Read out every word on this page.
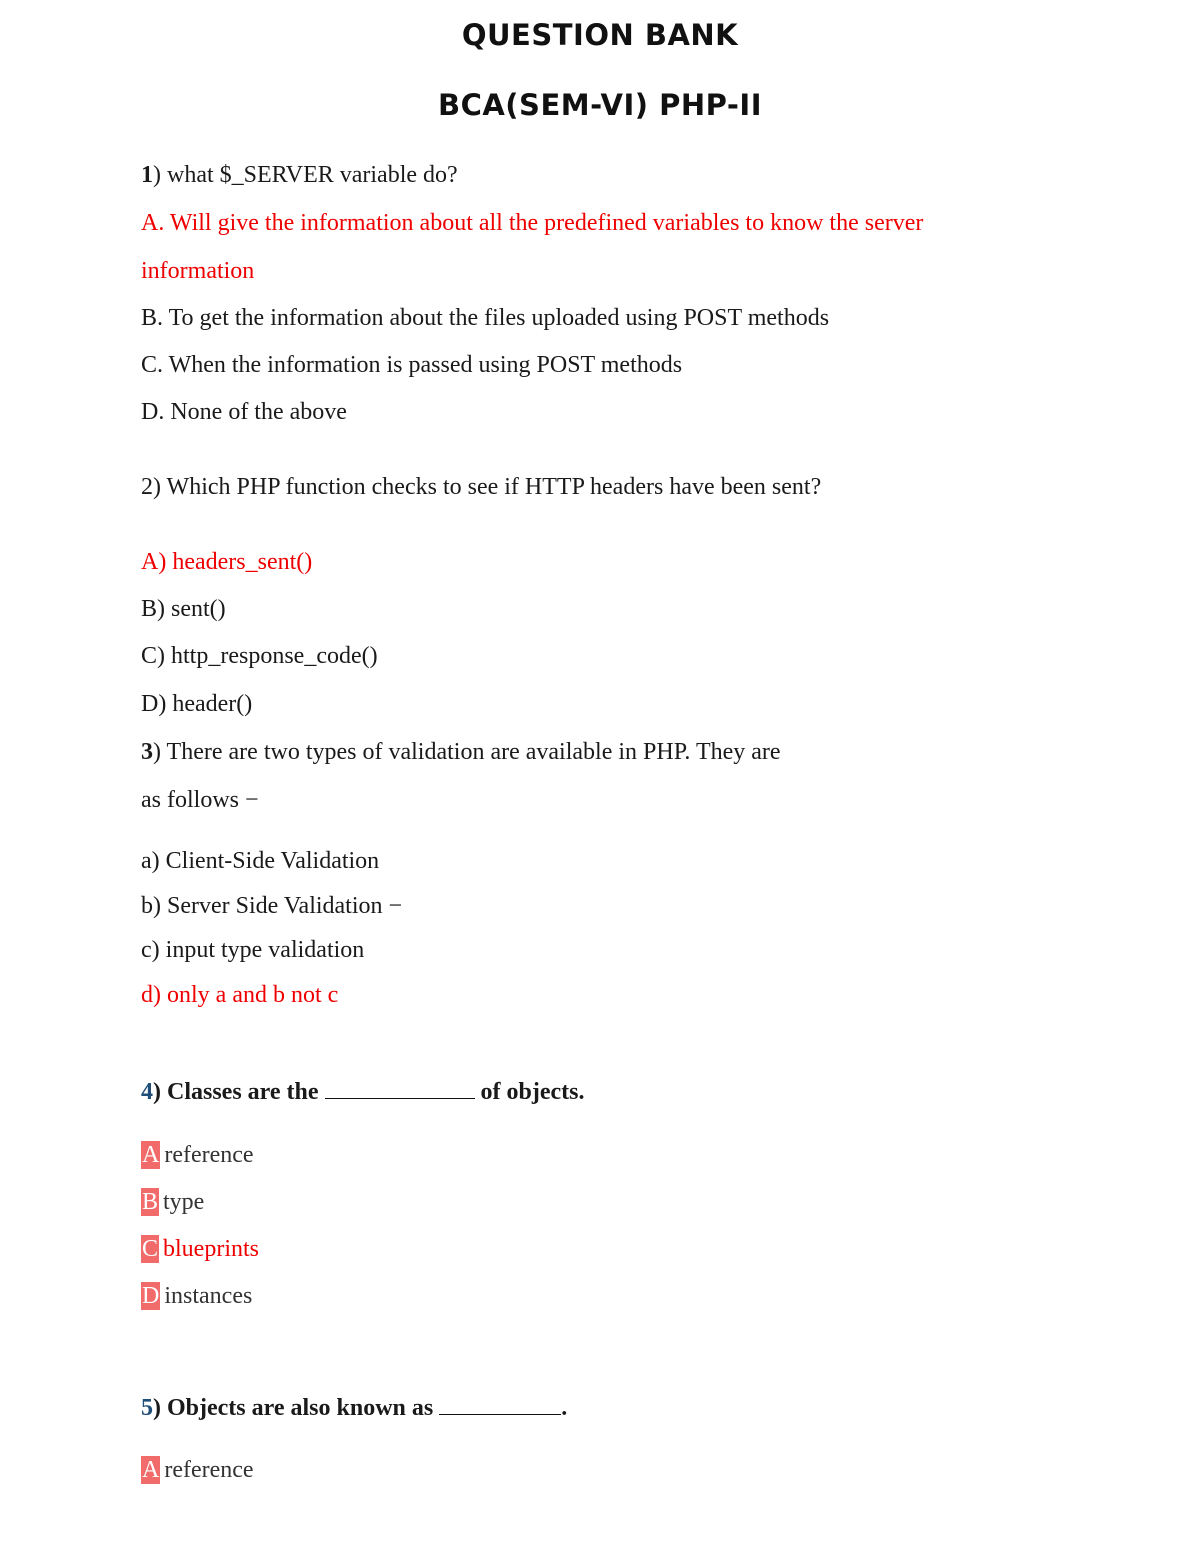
QUESTION BANK
BCA(SEM-VI) PHP-II
1) what $_SERVER variable do?
A. Will give the information about all the predefined variables to know the server
information
B. To get the information about the files uploaded using POST methods
C. When the information is passed using POST methods
D. None of the above
2) Which PHP function checks to see if HTTP headers have been sent?
A) headers_sent()
B) sent()
C) http_response_code()
D) header()
3) There are two types of validation are available in PHP. They are
as follows −
a) Client-Side Validation
b) Server Side Validation −
c) input type validation
d) only a and b not c
4) Classes are the	of objects.
A reference
B type
C blueprints
D instances
5) Objects are also known as	.
A reference
